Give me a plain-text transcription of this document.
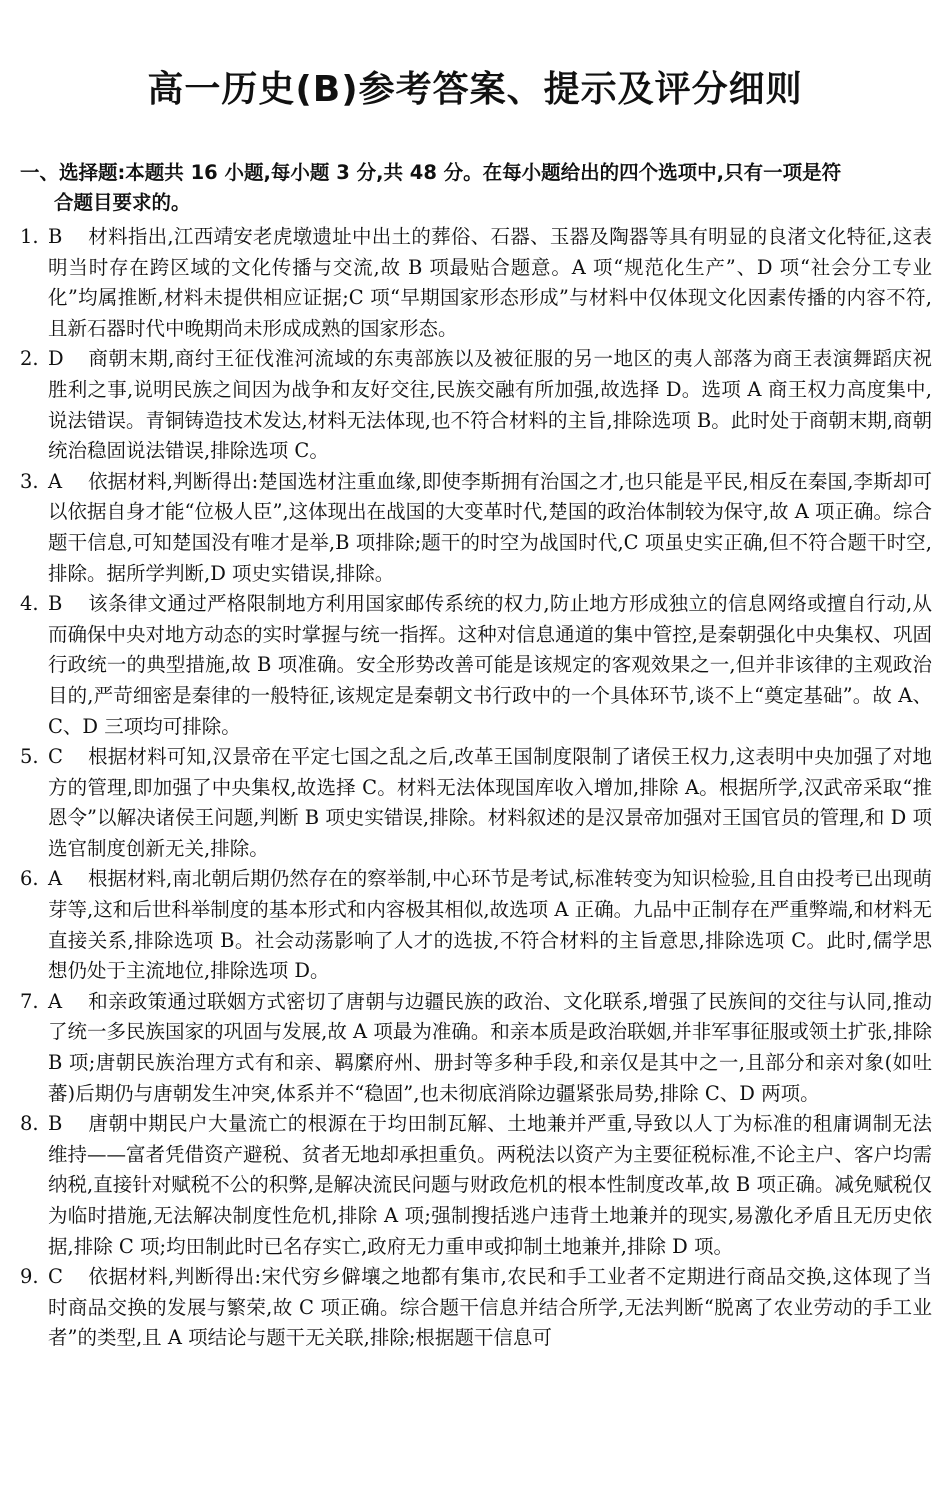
高一历史(B)参考答案、提示及评分细则
一、选择题:本题共 16 小题,每小题 3 分,共 48 分。在每小题给出的四个选项中,只有一项是符
合题目要求的。
1. B 材料指出,江西靖安老虎墩遗址中出土的葬俗、石器、玉器及陶器等具有明显的良渚文化特征,这表明当时存在跨区域的文化传播与交流,故 B 项最贴合题意。A 项“规范化生产”、D 项“社会分工专业化”均属推断,材料未提供相应证据;C 项“早期国家形态形成”与材料中仅体现文化因素传播的内容不符,且新石器时代中晚期尚未形成成熟的国家形态。
2. D 商朝末期,商纣王征伐淮河流域的东夷部族以及被征服的另一地区的夷人部落为商王表演舞蹈庆祝胜利之事,说明民族之间因为战争和友好交往,民族交融有所加强,故选择 D。选项 A 商王权力高度集中,说法错误。青铜铸造技术发达,材料无法体现,也不符合材料的主旨,排除选项 B。此时处于商朝末期,商朝统治稳固说法错误,排除选项 C。
3. A 依据材料,判断得出:楚国选材注重血缘,即使李斯拥有治国之才,也只能是平民,相反在秦国,李斯却可以依据自身才能“位极人臣”,这体现出在战国的大变革时代,楚国的政治体制较为保守,故 A 项正确。综合题干信息,可知楚国没有唯才是举,B 项排除;题干的时空为战国时代,C 项虽史实正确,但不符合题干时空,排除。据所学判断,D 项史实错误,排除。
4. B 该条律文通过严格限制地方利用国家邮传系统的权力,防止地方形成独立的信息网络或擅自行动,从而确保中央对地方动态的实时掌握与统一指挥。这种对信息通道的集中管控,是秦朝强化中央集权、巩固行政统一的典型措施,故 B 项准确。安全形势改善可能是该规定的客观效果之一,但并非该律的主观政治目的,严苛细密是秦律的一般特征,该规定是秦朝文书行政中的一个具体环节,谈不上“奠定基础”。故 A、C、D 三项均可排除。
5. C 根据材料可知,汉景帝在平定七国之乱之后,改革王国制度限制了诸侯王权力,这表明中央加强了对地方的管理,即加强了中央集权,故选择 C。材料无法体现国库收入增加,排除 A。根据所学,汉武帝采取“推恩令”以解决诸侯王问题,判断 B 项史实错误,排除。材料叙述的是汉景帝加强对王国官员的管理,和 D 项选官制度创新无关,排除。
6. A 根据材料,南北朝后期仍然存在的察举制,中心环节是考试,标准转变为知识检验,且自由投考已出现萌芽等,这和后世科举制度的基本形式和内容极其相似,故选项 A 正确。九品中正制存在严重弊端,和材料无直接关系,排除选项 B。社会动荡影响了人才的选拔,不符合材料的主旨意思,排除选项 C。此时,儒学思想仍处于主流地位,排除选项 D。
7. A 和亲政策通过联姻方式密切了唐朝与边疆民族的政治、文化联系,增强了民族间的交往与认同,推动了统一多民族国家的巩固与发展,故 A 项最为准确。和亲本质是政治联姻,并非军事征服或领土扩张,排除 B 项;唐朝民族治理方式有和亲、羁縻府州、册封等多种手段,和亲仅是其中之一,且部分和亲对象(如吐蕃)后期仍与唐朝发生冲突,体系并不“稳固”,也未彻底消除边疆紧张局势,排除 C、D 两项。
8. B 唐朝中期民户大量流亡的根源在于均田制瓦解、土地兼并严重,导致以人丁为标准的租庸调制无法维持——富者凭借资产避税、贫者无地却承担重负。两税法以资产为主要征税标准,不论主户、客户均需纳税,直接针对赋税不公的积弊,是解决流民问题与财政危机的根本性制度改革,故 B 项正确。减免赋税仅为临时措施,无法解决制度性危机,排除 A 项;强制搜括逃户违背土地兼并的现实,易激化矛盾且无历史依据,排除 C 项;均田制此时已名存实亡,政府无力重申或抑制土地兼并,排除 D 项。
9. C 依据材料,判断得出:宋代穷乡僻壤之地都有集市,农民和手工业者不定期进行商品交换,这体现了当时商品交换的发展与繁荣,故 C 项正确。综合题干信息并结合所学,无法判断“脱离了农业劳动的手工业者”的类型,且 A 项结论与题干无关联,排除;根据题干信息可
